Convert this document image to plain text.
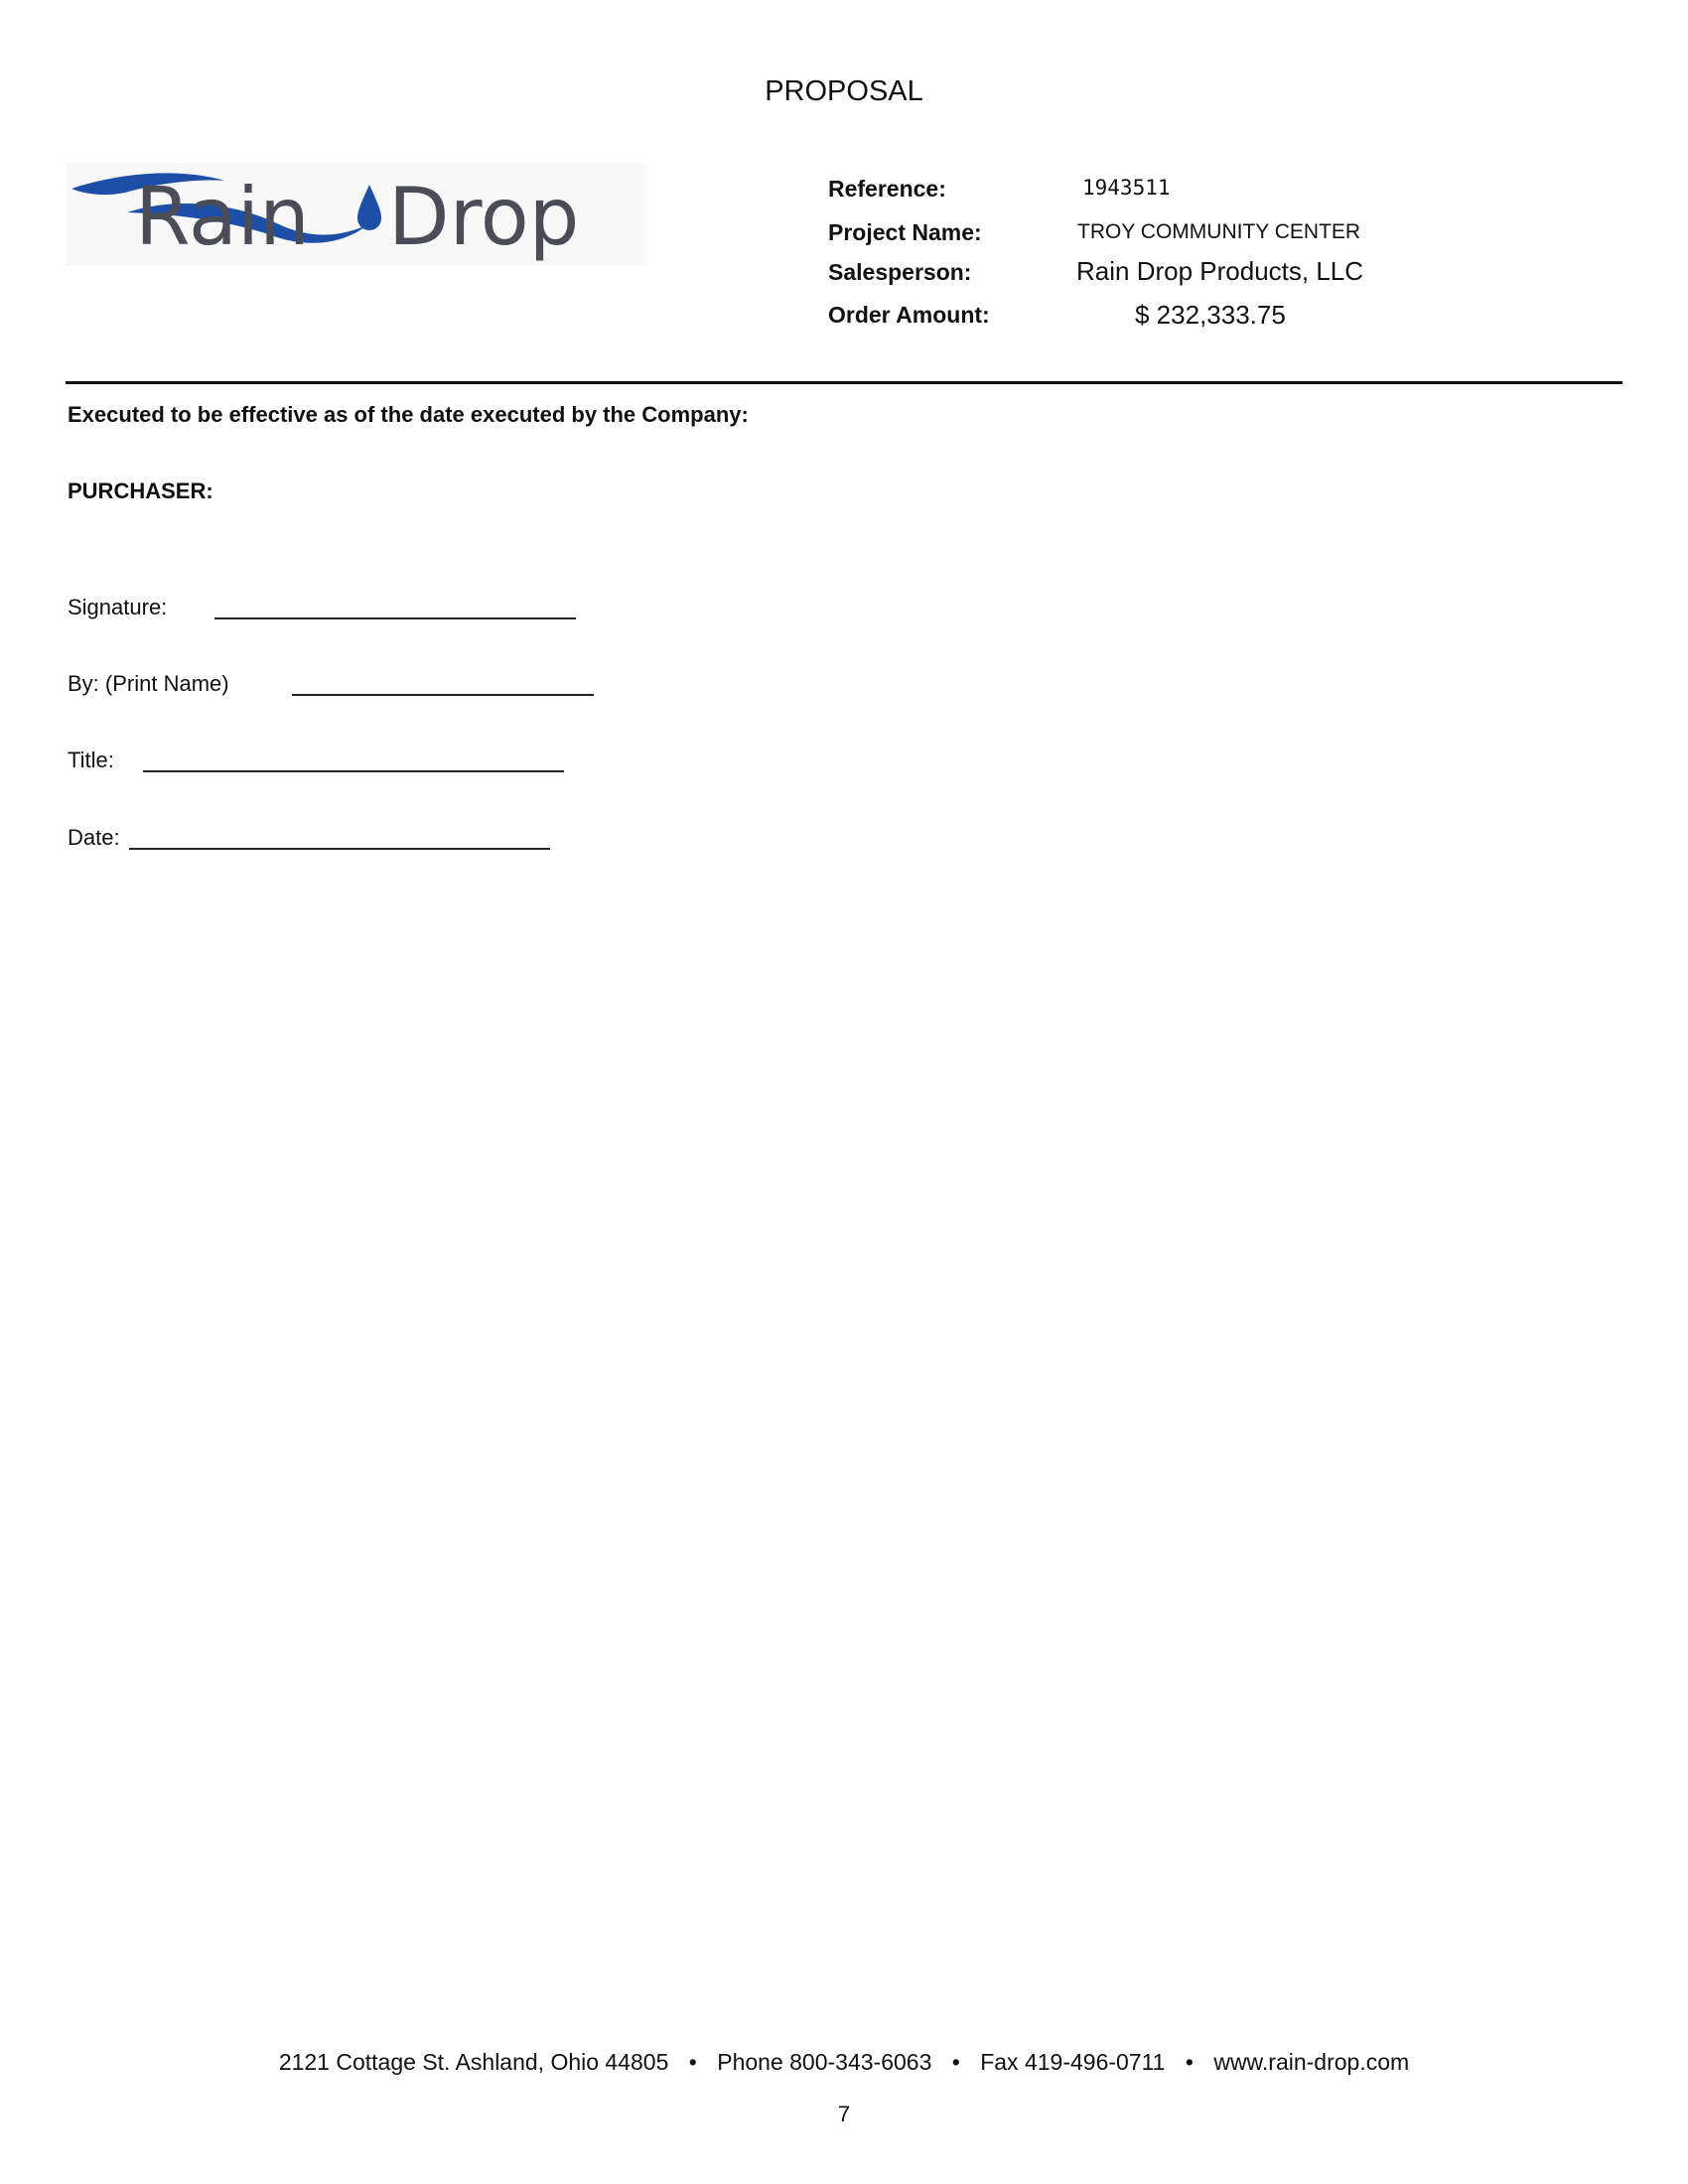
PROPOSAL
Rain Drop	Reference:	1943511
Project Name:	TROY COMMUNITY CENTER
Salesperson:	Rain Drop Products, LLC
Order Amount:	$ 232,333.75
Executed to be effective as of the date executed by the Company:
PURCHASER:
Signature:
By: (Print Name)
Title:
Date:
2121 Cottage St. Ashland, Ohio 44805 • Phone 800-343-6063 • Fax 419-496-0711 • www.rain-drop.com
7
